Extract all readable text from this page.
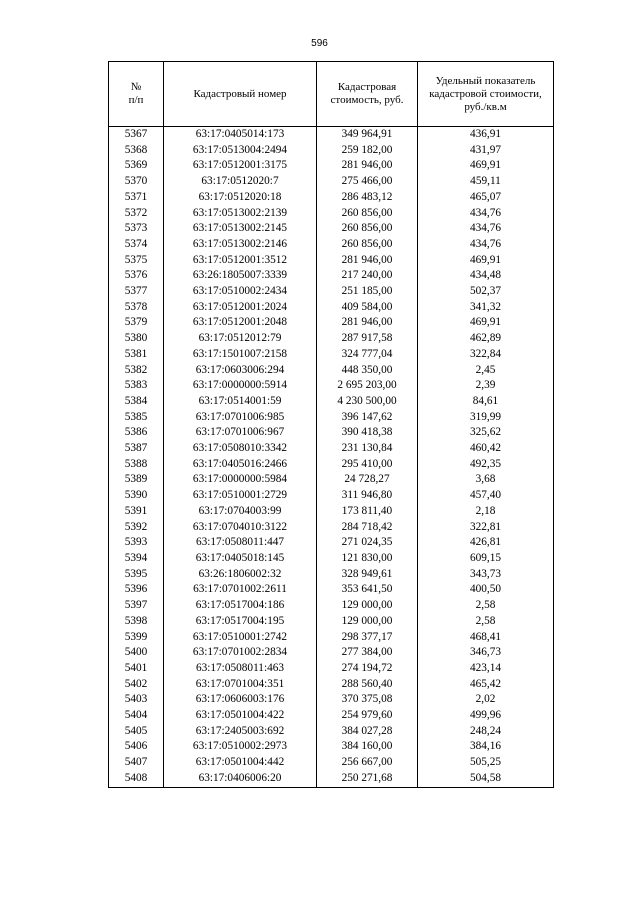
596
№
п/п	Кадастровый номер	Кадастровая стоимость, руб.	Удельный показатель кадастровой стоимости, руб./кв.м
5367	63:17:0405014:173	349 964,91	436,91
5368	63:17:0513004:2494	259 182,00	431,97
5369	63:17:0512001:3175	281 946,00	469,91
5370	63:17:0512020:7	275 466,00	459,11
5371	63:17:0512020:18	286 483,12	465,07
5372	63:17:0513002:2139	260 856,00	434,76
5373	63:17:0513002:2145	260 856,00	434,76
5374	63:17:0513002:2146	260 856,00	434,76
5375	63:17:0512001:3512	281 946,00	469,91
5376	63:26:1805007:3339	217 240,00	434,48
5377	63:17:0510002:2434	251 185,00	502,37
5378	63:17:0512001:2024	409 584,00	341,32
5379	63:17:0512001:2048	281 946,00	469,91
5380	63:17:0512012:79	287 917,58	462,89
5381	63:17:1501007:2158	324 777,04	322,84
5382	63:17:0603006:294	448 350,00	2,45
5383	63:17:0000000:5914	2 695 203,00	2,39
5384	63:17:0514001:59	4 230 500,00	84,61
5385	63:17:0701006:985	396 147,62	319,99
5386	63:17:0701006:967	390 418,38	325,62
5387	63:17:0508010:3342	231 130,84	460,42
5388	63:17:0405016:2466	295 410,00	492,35
5389	63:17:0000000:5984	24 728,27	3,68
5390	63:17:0510001:2729	311 946,80	457,40
5391	63:17:0704003:99	173 811,40	2,18
5392	63:17:0704010:3122	284 718,42	322,81
5393	63:17:0508011:447	271 024,35	426,81
5394	63:17:0405018:145	121 830,00	609,15
5395	63:26:1806002:32	328 949,61	343,73
5396	63:17:0701002:2611	353 641,50	400,50
5397	63:17:0517004:186	129 000,00	2,58
5398	63:17:0517004:195	129 000,00	2,58
5399	63:17:0510001:2742	298 377,17	468,41
5400	63:17:0701002:2834	277 384,00	346,73
5401	63:17:0508011:463	274 194,72	423,14
5402	63:17:0701004:351	288 560,40	465,42
5403	63:17:0606003:176	370 375,08	2,02
5404	63:17:0501004:422	254 979,60	499,96
5405	63:17:2405003:692	384 027,28	248,24
5406	63:17:0510002:2973	384 160,00	384,16
5407	63:17:0501004:442	256 667,00	505,25
5408	63:17:0406006:20	250 271,68	504,58
